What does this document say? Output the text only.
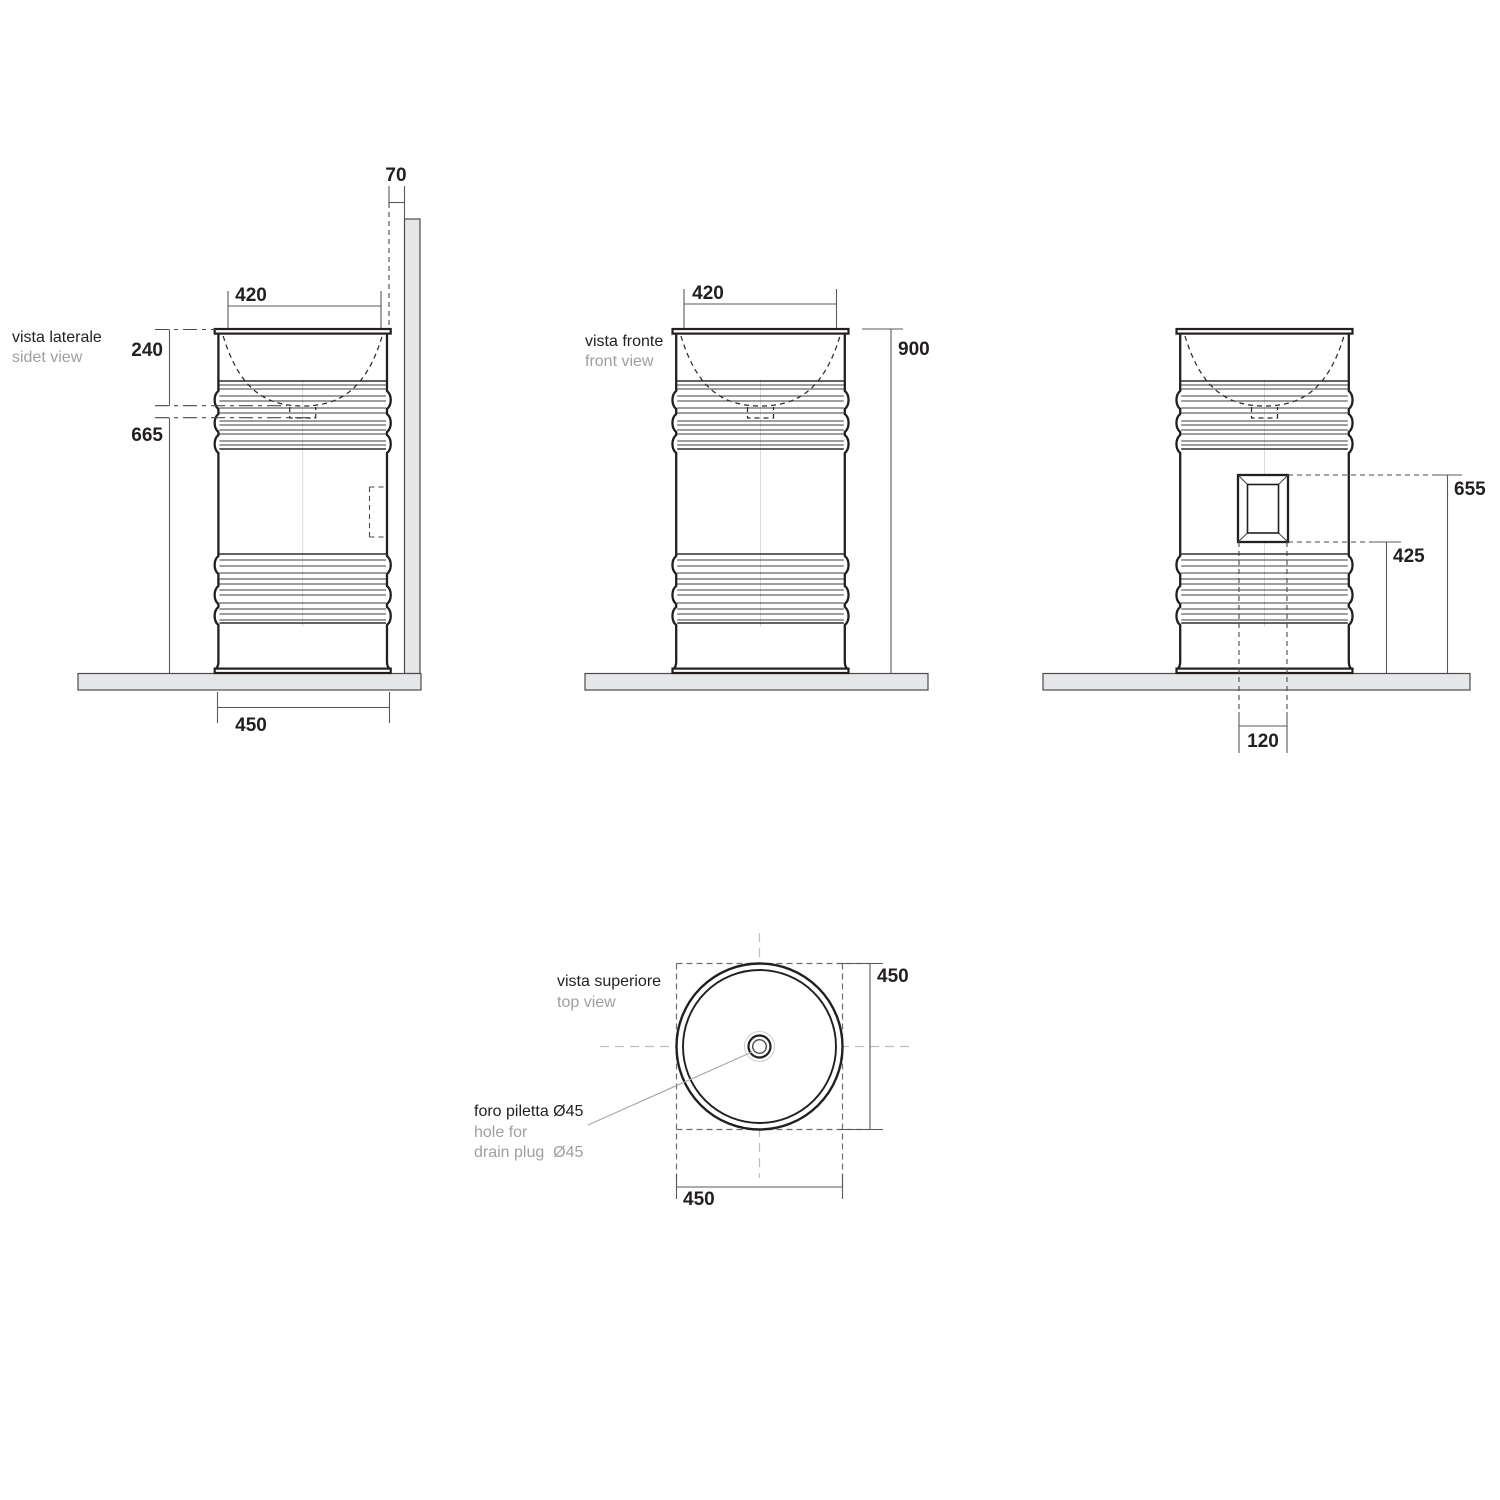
70
420
240
665
450
vista laterale
sidet view
420
900
vista fronte
front view
655
425
120
450
450
vista superiore
top view
foro piletta Ø45
hole for
drain plug  Ø45
